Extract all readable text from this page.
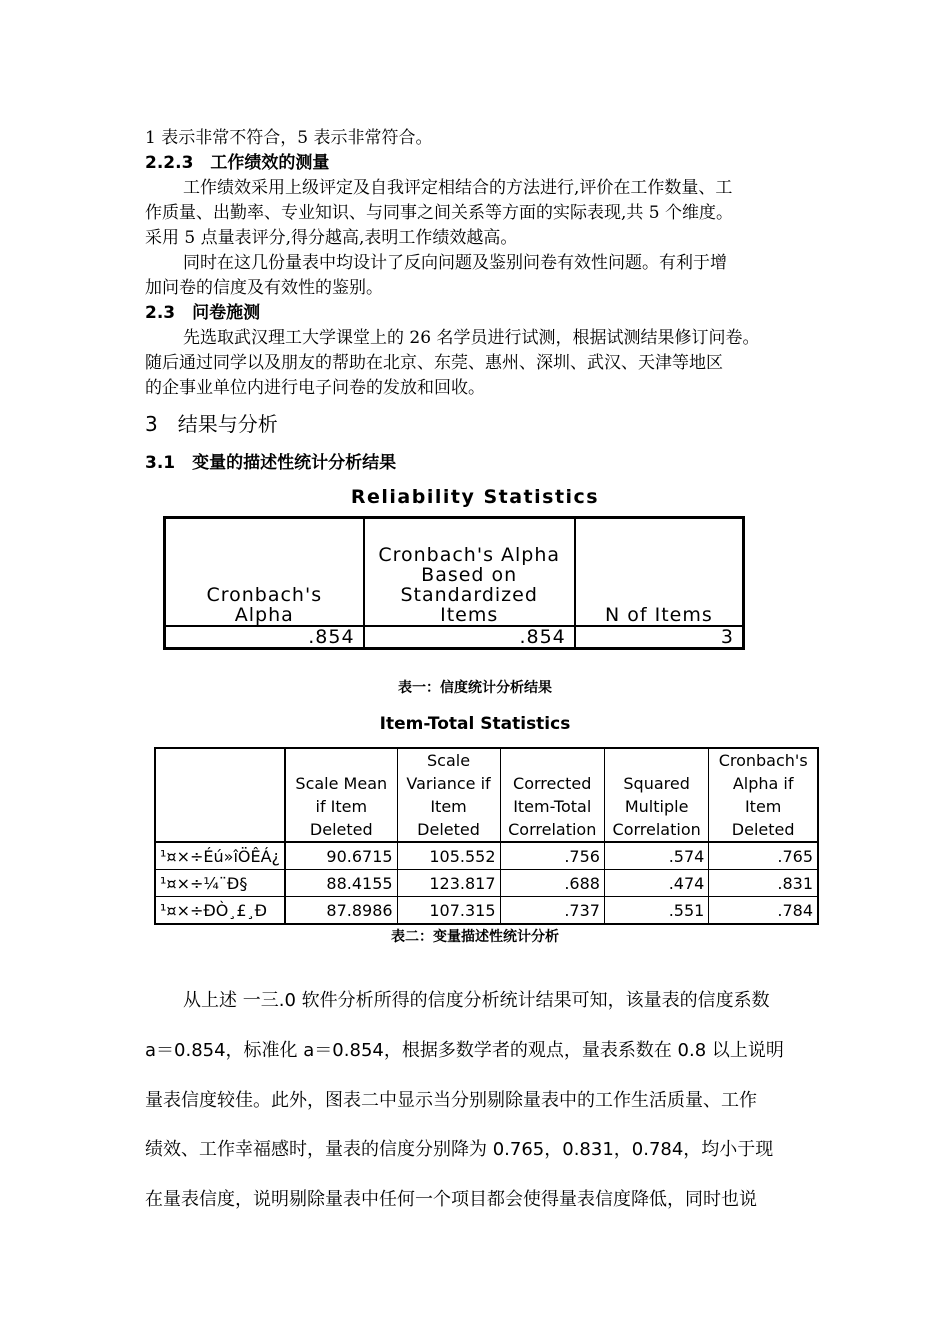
1 表示非常不符合，5 表示非常符合。
2.2.3　工作绩效的测量
工作绩效采用上级评定及自我评定相结合的方法进行,评价在工作数量、工
作质量、出勤率、专业知识、与同事之间关系等方面的实际表现,共 5 个维度。
采用 5 点量表评分,得分越高,表明工作绩效越高。
同时在这几份量表中均设计了反向问题及鉴别问卷有效性问题。有利于增
加问卷的信度及有效性的鉴别。
2.3　问卷施测
先选取武汉理工大学课堂上的 26 名学员进行试测，根据试测结果修订问卷。
随后通过同学以及朋友的帮助在北京、东莞、惠州、深圳、武汉、天津等地区
的企事业单位内进行电子问卷的发放和回收。
3　结果与分析
3.1　变量的描述性统计分析结果
Reliability Statistics
Cronbach's Alpha	Cronbach's Alpha Based on Standardized Items	N of Items
.854	.854	3
表一：信度统计分析结果
Item-Total Statistics
	Scale Mean if Item Deleted	Scale Variance if Item Deleted	Corrected Item-Total Correlation	Squared Multiple Correlation	Cronbach's Alpha if Item Deleted
¹¤×÷Éú»îÖÊÁ¿	90.6715	105.552	.756	.574	.765
¹¤×÷¼¨Ð§	88.4155	123.817	.688	.474	.831
¹¤×÷ÐÒ¸£¸Ð	87.8986	107.315	.737	.551	.784
表二：变量描述性统计分析
从上述 一三.0 软件分析所得的信度分析统计结果可知，该量表的信度系数
a＝0.854，标准化 a＝0.854，根据多数学者的观点，量表系数在 0.8 以上说明
量表信度较佳。此外，图表二中显示当分别剔除量表中的工作生活质量、工作
绩效、工作幸福感时，量表的信度分别降为 0.765，0.831，0.784，均小于现
在量表信度，说明剔除量表中任何一个项目都会使得量表信度降低，同时也说
